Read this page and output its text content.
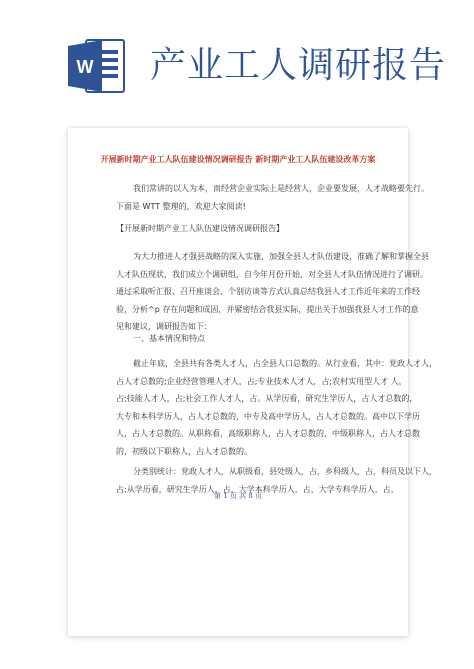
W 产业工人调研报告
开展新时期产业工人队伍建设情况调研报告 新时期产业工人队伍建设改革方案
我们常讲的以人为本，而经营企业实际上是经营人，企业要发展，人才战略要先行。
下面是 WTT 整理的，欢迎大家阅读!
【开展新时期产业工人队伍建设情况调研报告】
为大力推进人才强县战略的深入实施，加强全县人才队伍建设，准确了解和掌握全县
人才队伍现状，我们成立个调研组，自今年月份开始，对全县人才队伍情况进行了调研。
通过采取听汇报、召开座谈会、个别访谈等方式认真总结我县人才工作近年来的工作经
验，分析^p 存在问题和成因，并紧密结合我县实际，提出关于加强我县人才工作的意
见和建议，调研报告如下：
一、基本情况和特点
截止年底，全县共有各类人才人，占全县人口总数的。从行业看，其中：党政人才人，
占人才总数的;企业经营管理人才人，占;专业技术人才人，占;农村实用型人才 人，
占;技能人才人，占;社会工作人才人，占。从学历看，研究生学历人，占人才总数的，
大专和本科学历人，占人才总数的，中专及高中学历人，占人才总数的。高中以下学历
人，占人才总数的。从职称看，高级职称人，占人才总数的，中级职称人，占人才总数
的，初级以下职称人，占人才总数的。
分类别统计：党政人才人，从职级看，县处级人，占，乡科级人，占，科员及以下人，
占;从学历看，研究生学历人，占，大学本科学历人，占，大学专科学历人，占，
第 1 页 共 8 页
